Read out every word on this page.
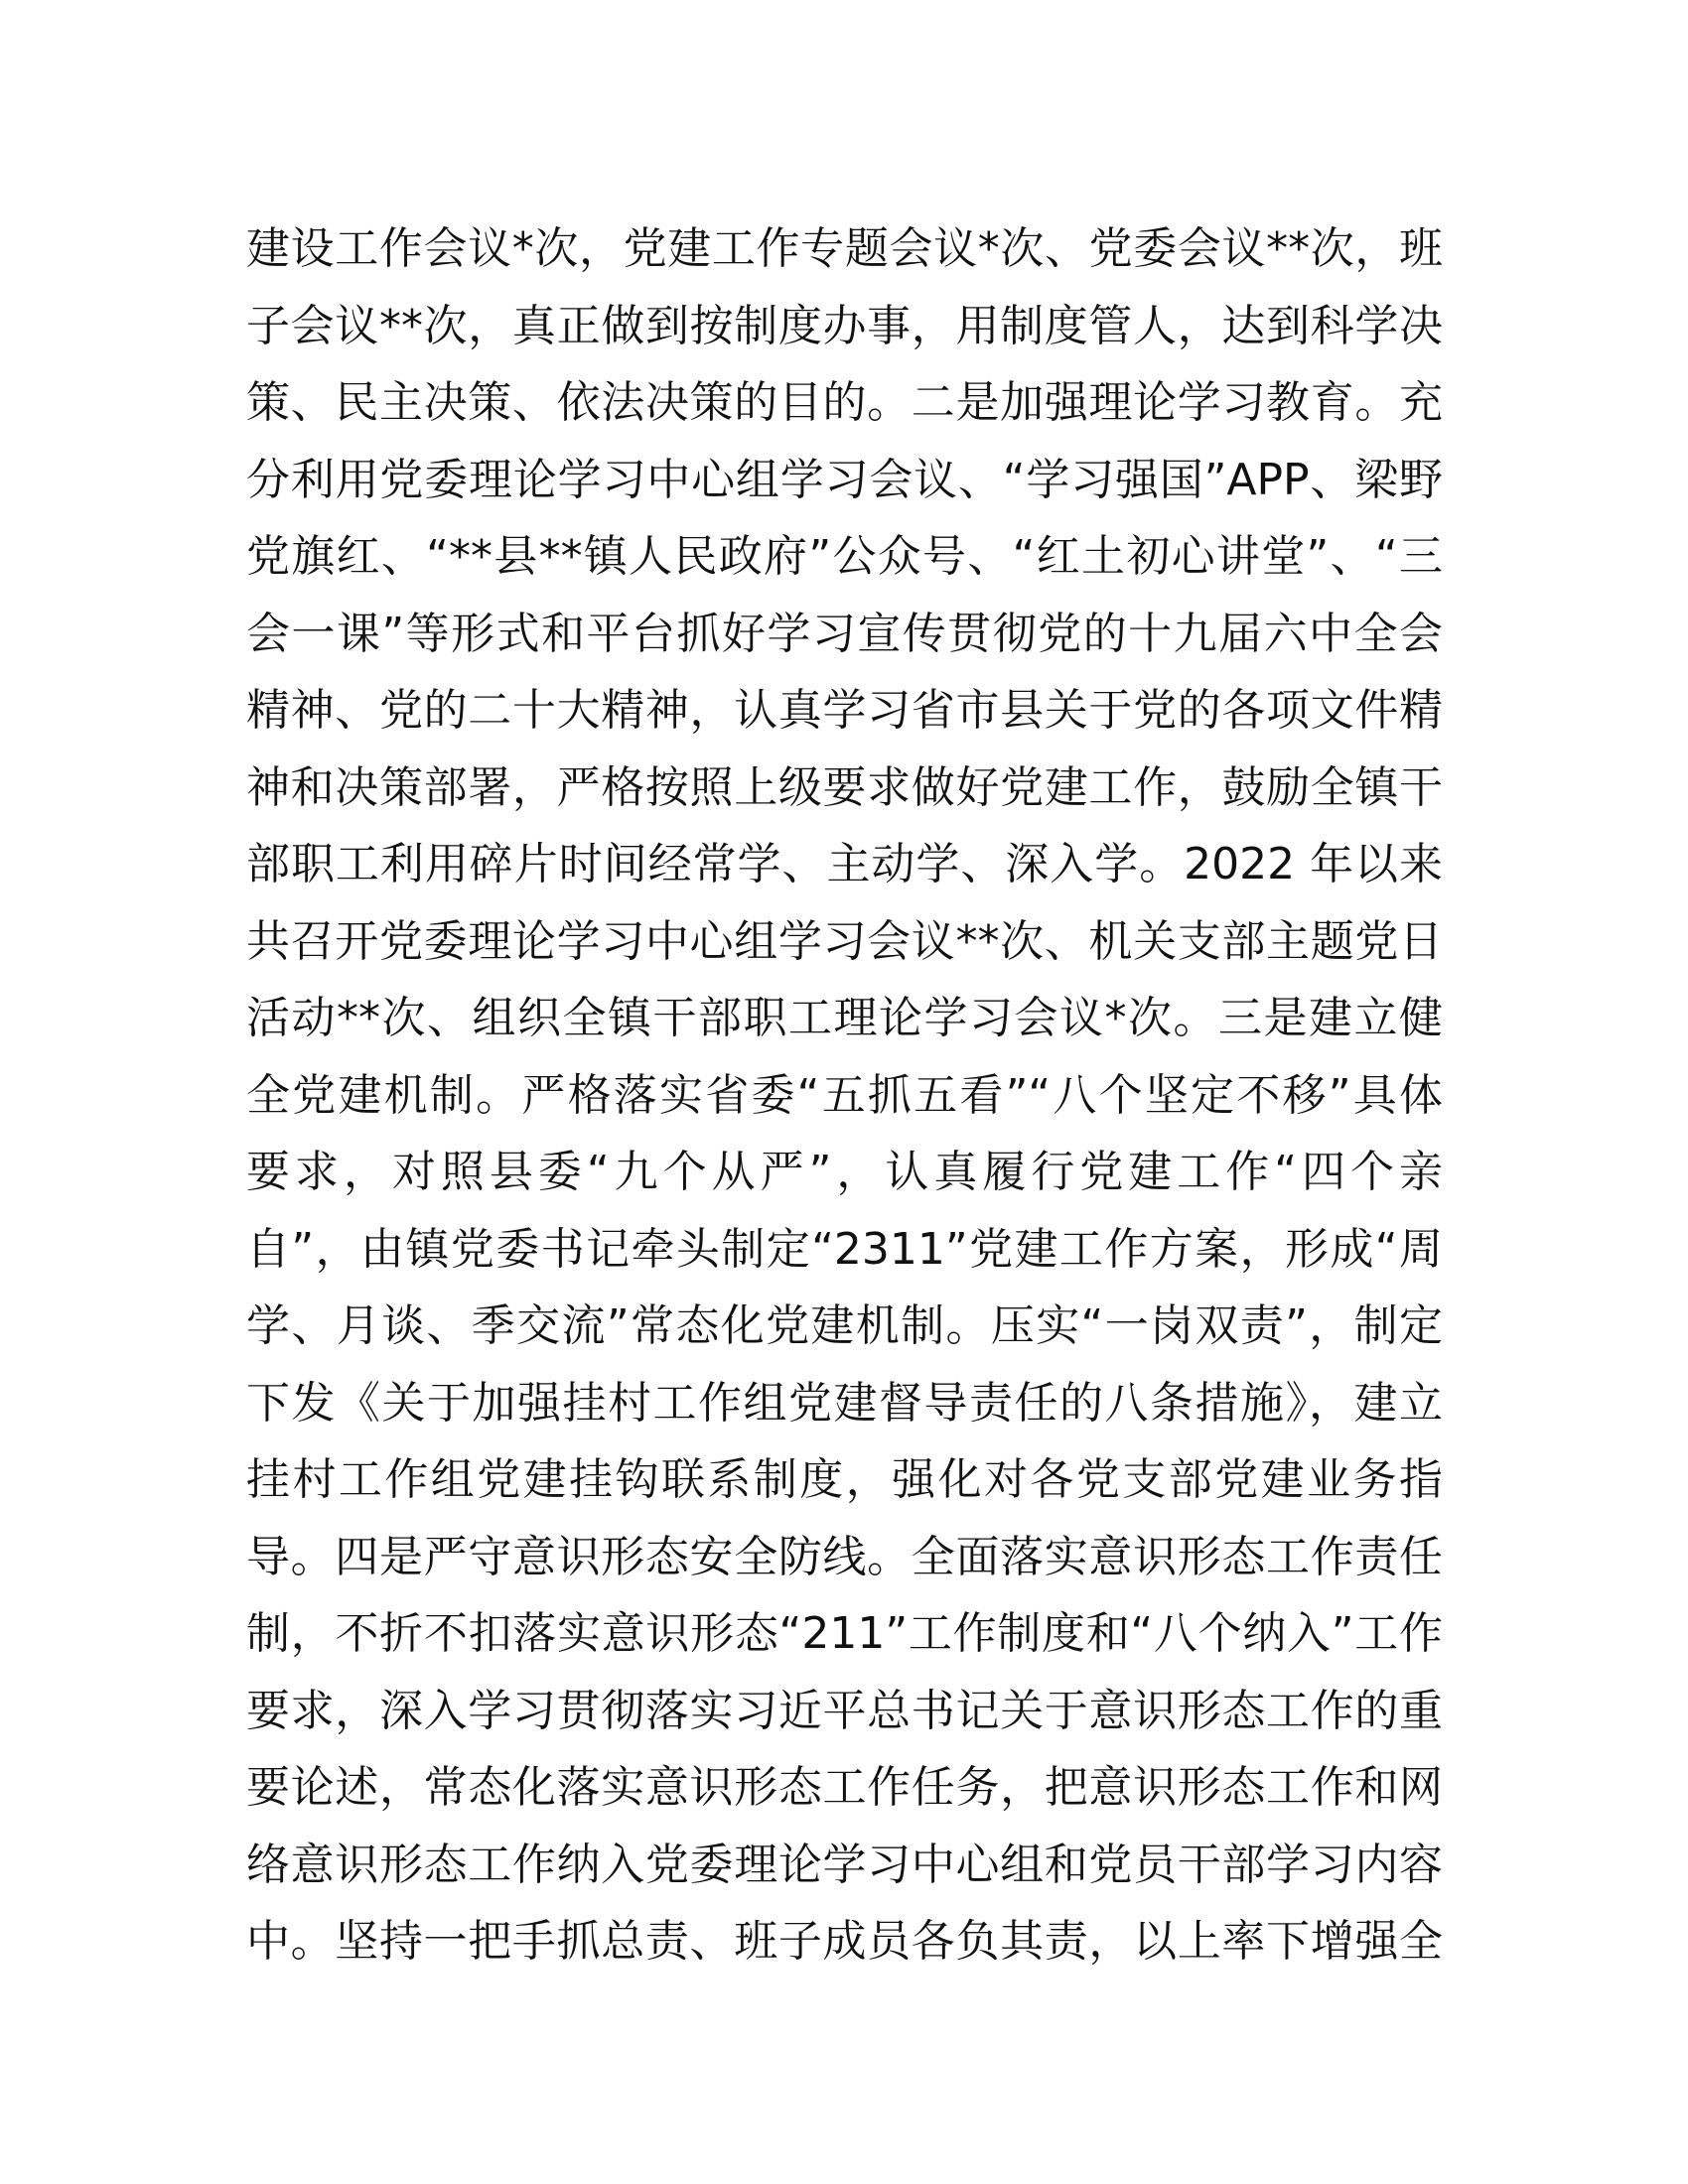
建设工作会议*次，党建工作专题会议*次、党委会议**次，班
子会议**次，真正做到按制度办事，用制度管人，达到科学决
策、民主决策、依法决策的目的。二是加强理论学习教育。充
分利用党委理论学习中心组学习会议、“学习强国”APP、梁野
党旗红、“**县**镇人民政府”公众号、“红土初心讲堂”、“三
会一课”等形式和平台抓好学习宣传贯彻党的十九届六中全会
精神、党的二十大精神，认真学习省市县关于党的各项文件精
神和决策部署，严格按照上级要求做好党建工作，鼓励全镇干
部职工利用碎片时间经常学、主动学、深入学。2022 年以来
共召开党委理论学习中心组学习会议**次、机关支部主题党日
活动**次、组织全镇干部职工理论学习会议*次。三是建立健
全党建机制。严格落实省委“五抓五看”“八个坚定不移”具体
要求，对照县委“九个从严”，认真履行党建工作“四个亲
自”，由镇党委书记牵头制定“2311”党建工作方案，形成“周
学、月谈、季交流”常态化党建机制。压实“一岗双责”，制定
下发《关于加强挂村工作组党建督导责任的八条措施》，建立
挂村工作组党建挂钩联系制度，强化对各党支部党建业务指
导。四是严守意识形态安全防线。全面落实意识形态工作责任
制，不折不扣落实意识形态“211”工作制度和“八个纳入”工作
要求，深入学习贯彻落实习近平总书记关于意识形态工作的重
要论述，常态化落实意识形态工作任务，把意识形态工作和网
络意识形态工作纳入党委理论学习中心组和党员干部学习内容
中。坚持一把手抓总责、班子成员各负其责，以上率下增强全
